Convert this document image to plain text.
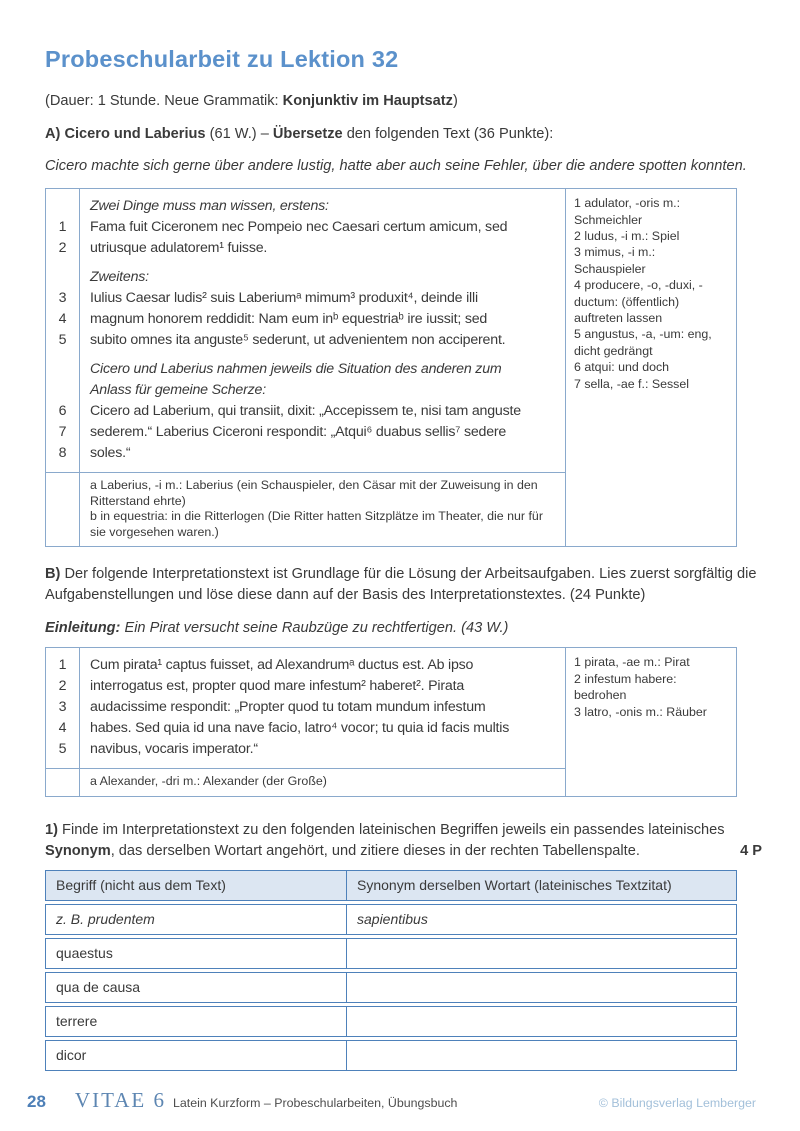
Probeschularbeit zu Lektion 32

(Dauer: 1 Stunde. Neue Grammatik: Konjunktiv im Hauptsatz)

A) Cicero und Laberius (61 W.) – Übersetze den folgenden Text (36 Punkte):

Cicero machte sich gerne über andere lustig, hatte aber auch seine Fehler, über die andere spotten konnten.

Zwei Dinge muss man wissen, erstens:
1	Fama fuit Ciceronem nec Pompeio nec Caesari certum amicum, sed
2	utriusque adulatorem¹ fuisse.
Zweitens:
3	Iulius Caesar ludis² suis Laberiumᵃ mimum³ produxit⁴, deinde illi
4	magnum honorem reddidit: Nam eum inᵇ equestriaᵇ ire iussit; sed
5	subito omnes ita anguste⁵ sederunt, ut advenientem non acciperent.
Cicero und Laberius nahmen jeweils die Situation des anderen zum
Anlass für gemeine Scherze:
6	Cicero ad Laberium, qui transiit, dixit: „Accepissem te, nisi tam anguste
7	sederem.“ Laberius Ciceroni respondit: „Atqui⁶ duabus sellis⁷ sedere
8	soles.“

a Laberius, -i m.: Laberius (ein Schauspieler, den Cäsar mit der Zuweisung in den Ritterstand ehrte)

b in equestria: in die Ritterlogen (Die Ritter hatten Sitzplätze im Theater, die nur für sie vorgesehen waren.)

1 adulator, -oris m.: Schmeichler
2 ludus, -i m.: Spiel
3 mimus, -i m.: Schauspieler
4 producere, -o, -duxi, -ductum: (öffentlich) auftreten lassen
5 angustus, -a, -um: eng, dicht gedrängt
6 atqui: und doch
7 sella, -ae f.: Sessel

B) Der folgende Interpretationstext ist Grundlage für die Lösung der Arbeitsaufgaben. Lies zuerst sorgfältig die Aufgabenstellungen und löse diese dann auf der Basis des Interpretationstextes. (24 Punkte)

Einleitung: Ein Pirat versucht seine Raubzüge zu rechtfertigen. (43 W.)

1	Cum pirata¹ captus fuisset, ad Alexandrumᵃ ductus est. Ab ipso
2	interrogatus est, propter quod mare infestum² haberet². Pirata
3	audacissime respondit: „Propter quod tu totam mundum infestum
4	habes. Sed quia id una nave facio, latro⁴ vocor; tu quia id facis multis
5	navibus, vocaris imperator.“

a Alexander, -dri m.: Alexander (der Große)

1 pirata, -ae m.: Pirat
2 infestum habere: bedrohen
3 latro, -onis m.: Räuber

1) Finde im Interpretationstext zu den folgenden lateinischen Begriffen jeweils ein passendes lateinisches Synonym, das derselben Wortart angehört, und zitiere dieses in der rechten Tabellenspalte.	4 P

Begriff (nicht aus dem Text)	Synonym derselben Wortart (lateinisches Textzitat)
z. B. prudentem	sapientibus
quaestus
qua de causa
terrere
dicor
28 VITAE 6 Latein Kurzform – Probeschularbeiten, Übungsbuch	© Bildungsverlag Lemberger
